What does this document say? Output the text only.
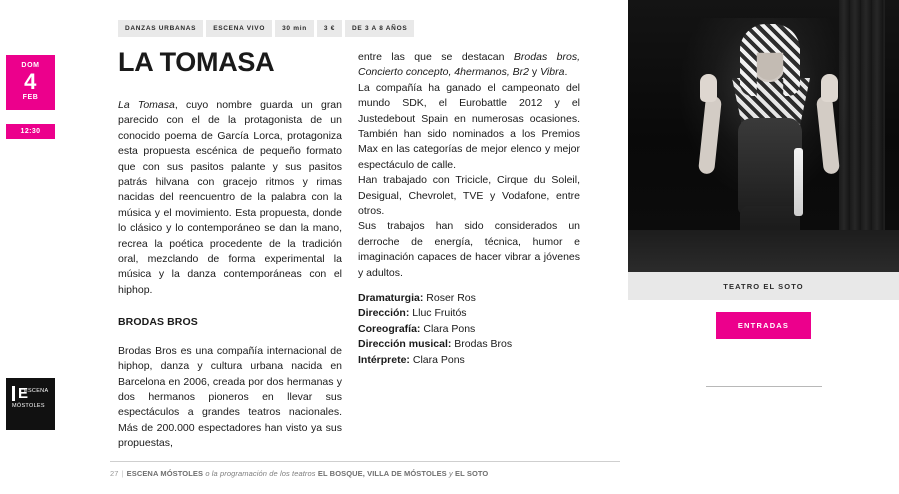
DOM
4
FEB
12:30
E
ESCENA
MÓSTOLES
DANZAS URBANAS	ESCENA VIVO	30 min	3 €	DE 3 A 8 AÑOS
LA TOMASA

La Tomasa, cuyo nombre guarda un gran parecido con el de la protagonista de un conocido poema de García Lorca, protagoniza esta propuesta escénica de pequeño formato que con sus pasitos palante y sus pasitos patrás hilvana con gracejo ritmos y rimas nacidas del reencuentro de la palabra con la música y el movimiento. Esta propuesta, donde lo clásico y lo contemporáneo se dan la mano, recrea la poética procedente de la tradición oral, mezclando de forma experimental la música y la danza contemporáneas con el hiphop.

BRODAS BROS

Brodas Bros es una compañía internacional de hiphop, danza y cultura urbana nacida en Barcelona en 2006, creada por dos hermanas y dos hermanos pioneros en llevar sus espectáculos a grandes teatros nacionales. Más de 200.000 espectadores han visto ya sus propuestas,

entre las que se destacan Brodas bros, Concierto concepto, 4hermanos, Br2 y Vibra.

La compañía ha ganado el campeonato del mundo SDK, el Eurobattle 2012 y el Justedebout Spain en numerosas ocasiones. También han sido nominados a los Premios Max en las categorías de mejor elenco y mejor espectáculo de calle.

Han trabajado con Tricicle, Cirque du Soleil, Desigual, Chevrolet, TVE y Vodafone, entre otros.

Sus trabajos han sido considerados un derroche de energía, técnica, humor e imaginación capaces de hacer vibrar a jóvenes y adultos.

Dramaturgia: Roser Ros
Dirección: Lluc Fruitós
Coreografía: Clara Pons
Dirección musical: Brodas Bros
Intérprete: Clara Pons
27 | ESCENA MÓSTOLES o la programación de los teatros EL BOSQUE, VILLA DE MÓSTOLES y EL SOTO
TEATRO EL SOTO
ENTRADAS
